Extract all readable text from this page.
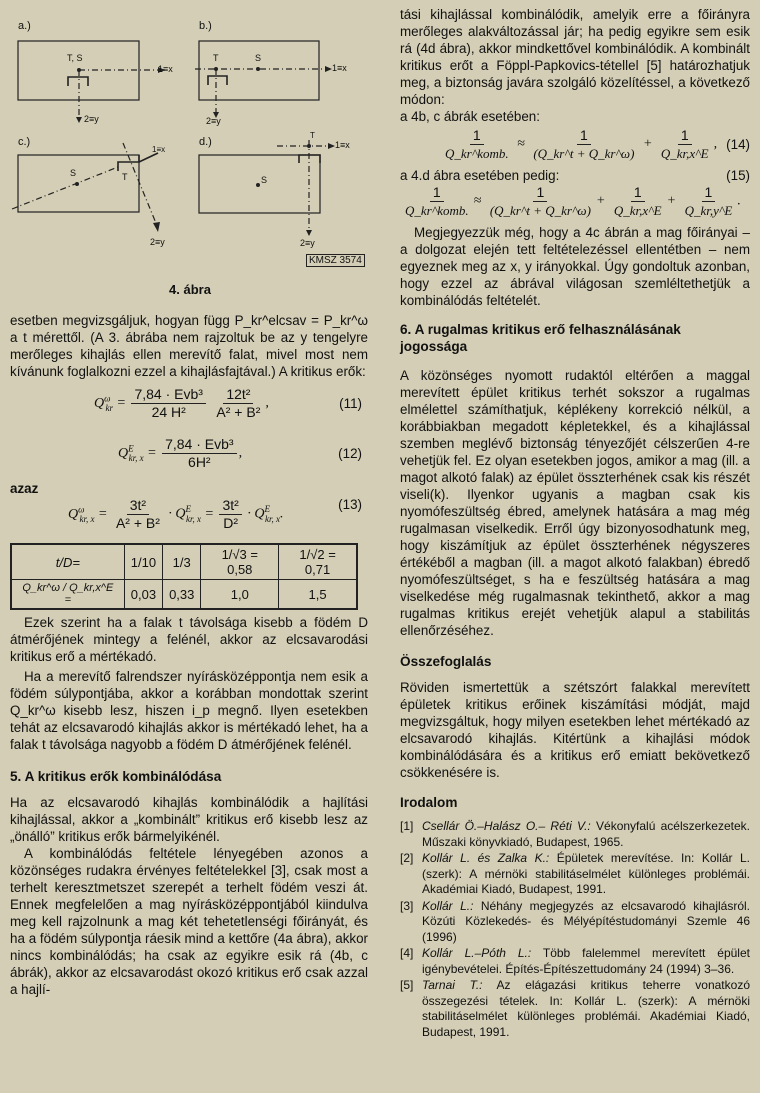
a.)
T, S
1≡x
2≡y
b.)
T	S
1≡x
2≡y
c.)
S	T
1≡x
2≡y
d.)
S
T
1≡x
2≡y
KMSZ 3574
4. ábra

esetben megvizsgáljuk, hogyan függ P_kr^elcsav = P_kr^ω a t mérettől. (A 3. ábrába nem rajzoltuk be az y tengelyre merőleges kihajlás ellen merevítő falat, mivel most nem kívánunk foglalkozni ezzel a kihajlásfajtával.) A kritikus erők:

$Q^\omega_{kr} = \frac{\text{7,84 · Evb³}}{\text{24 H²}}$
$\frac{\text{12t²}}{\text{A² + B²}}$ ,	(11)
$Q^E_{kr, x} = \frac{\text{7,84 · Evb³}}{\text{6H²}}$ ,	(12)
azaz
$Q^\omega_{kr, x} = \frac{\text{3t²}}{\text{A² + B²}} \cdot Q^E_{kr, x} = \frac{\text{3t²}}{\text{D²}} \cdot Q^E_{kr, x}$.
(13)
t/D=	1/10	1/3	1/√3 = 0,58	1/√2 = 0,71
Q_kr^ω / Q_kr,x^E =	0,03	0,33	1,0	1,5

Ezek szerint ha a falak t távolsága kisebb a födém D átmérőjének mintegy a felénél, akkor az elcsavarodási kritikus erő a mértékadó.

Ha a merevítő falrendszer nyírásközéppontja nem esik a födém súlypontjába, akkor a korábban mondottak szerint Q_kr^ω kisebb lesz, hiszen i_p megnő. Ilyen esetekben tehát az elcsavarodó kihajlás akkor is mértékadó lehet, ha a falak t távolsága nagyobb a födém D átmérőjének felénél.

5. A kritikus erők kombinálódása

Ha az elcsavarodó kihajlás kombinálódik a hajlítási kihajlással, akkor a „kombinált” kritikus erő kisebb lesz az „önálló” kritikus erők bármelyikénél.

A kombinálódás feltétele lényegében azonos a közönséges rudakra érvényes feltételekkel [3], csak most a terhelt keresztmetszet szerepét a terhelt födém veszi át. Ennek megfelelően a mag nyírásközéppontjából kiindulva meg kell rajzolnunk a mag két tehetetlenségi főirányát, és ha a födém súlypontja ráesik mind a kettőre (4a ábra), akkor nincs kombinálódás; ha csak az egyikre esik rá (4b, c ábrák), akkor az elcsavarodást okozó kritikus erő csak azzal a hajlí-

tási kihajlással kombinálódik, amelyik erre a főirányra merőleges alakváltozással jár; ha pedig egyikre sem esik rá (4d ábra), akkor mindkettővel kombinálódik. A kombinált kritikus erőt a Föppl-Papkovics-tétellel [5] határozhatjuk meg, a biztonság javára szolgáló közelítéssel, a következő módon:

a 4b, c ábrák esetében:
$\frac{1}{\text{Q\_kr\textasciicircum{}komb.}} \approx \frac{1}{(Q\_kr\^{}t + Q\_kr\^{}\omega)} + \frac{1}{Q\_kr,x\^{}E}$ , (14)
a 4.d ábra esetében pedig:
$\frac{1}{\text{Q\_kr\textasciicircum{}komb.}} \approx \frac{1}{(Q\_kr\^{}t + Q\_kr\^{}\omega)} + \frac{1}{Q\_kr,x\^{}E} + \frac{1}{Q\_kr,y\^{}E}$ .
(15)

Megjegyezzük még, hogy a 4c ábrán a mag főirányai – a dolgozat elején tett feltételezéssel ellentétben – nem egyeznek meg az x, y irányokkal. Úgy gondoltuk azonban, hogy ezzel az ábrával világosan szemléltethetjük a kombinálódás feltételét.

6. A rugalmas kritikus erő felhasználásának jogossága

A közönséges nyomott rudaktól eltérően a maggal merevített épület kritikus terhét sokszor a rugalmas elmélettel számíthatjuk, képlékeny korrekció nélkül, a korábbiakban megadott képletekkel, és a kihajlással szemben meglévő biztonság tényezőjét célszerűen 4-re vehetjük fel. Ez olyan esetekben jogos, amikor a mag (ill. a magot alkotó falak) az épület összterhének csak kis részét viseli(k). Ilyenkor ugyanis a magban csak kis nyomófeszültség ébred, amelynek hatására a mag még rugalmasan viselkedik. Erről úgy bizonyosodhatunk meg, hogy kiszámítjuk az épület összterhének négyszeres értékéből a magban (ill. a magot alkotó falakban) ébredő nyomófeszültséget, s ha e feszültség hatására a mag viselkedése még rugalmasnak tekinthető, akkor a mag rugalmas kritikus erejét vehetjük alapul a stabilitás ellenőrzéséhez.

Összefoglalás

Röviden ismertettük a szétszórt falakkal merevített épületek kritikus erőinek kiszámítási módját, majd megvizsgáltuk, hogy milyen esetekben lehet mértékadó az elcsavarodó kihajlás. Kitértünk a kihajlási módok kombinálódására és a kritikus erő emiatt bekövetkező csökkenésére is.

Irodalom
[1] Csellár Ö.–Halász O.– Réti V.: Vékonyfalú acélszerkezetek. Műszaki könyvkiadó, Budapest, 1965.
[2] Kollár L. és Zalka K.: Épületek merevítése. In: Kollár L. (szerk): A mérnöki stabilitáselmélet különleges problémái. Akadémiai Kiadó, Budapest, 1991.
[3] Kollár L.: Néhány megjegyzés az elcsavarodó kihajlásról. Közúti Közlekedés- és Mélyépítéstudományi Szemle 46 (1996)
[4] Kollár L.–Póth L.: Több falelemmel merevített épület igénybevételei. Építés-Építészettudomány 24 (1994) 3–36.
[5] Tarnai T.: Az elágazási kritikus teherre vonatkozó összegezési tételek. In: Kollár L. (szerk): A mérnöki stabilitáselmélet különleges problémái. Akadémiai Kiadó, Budapest, 1991.
